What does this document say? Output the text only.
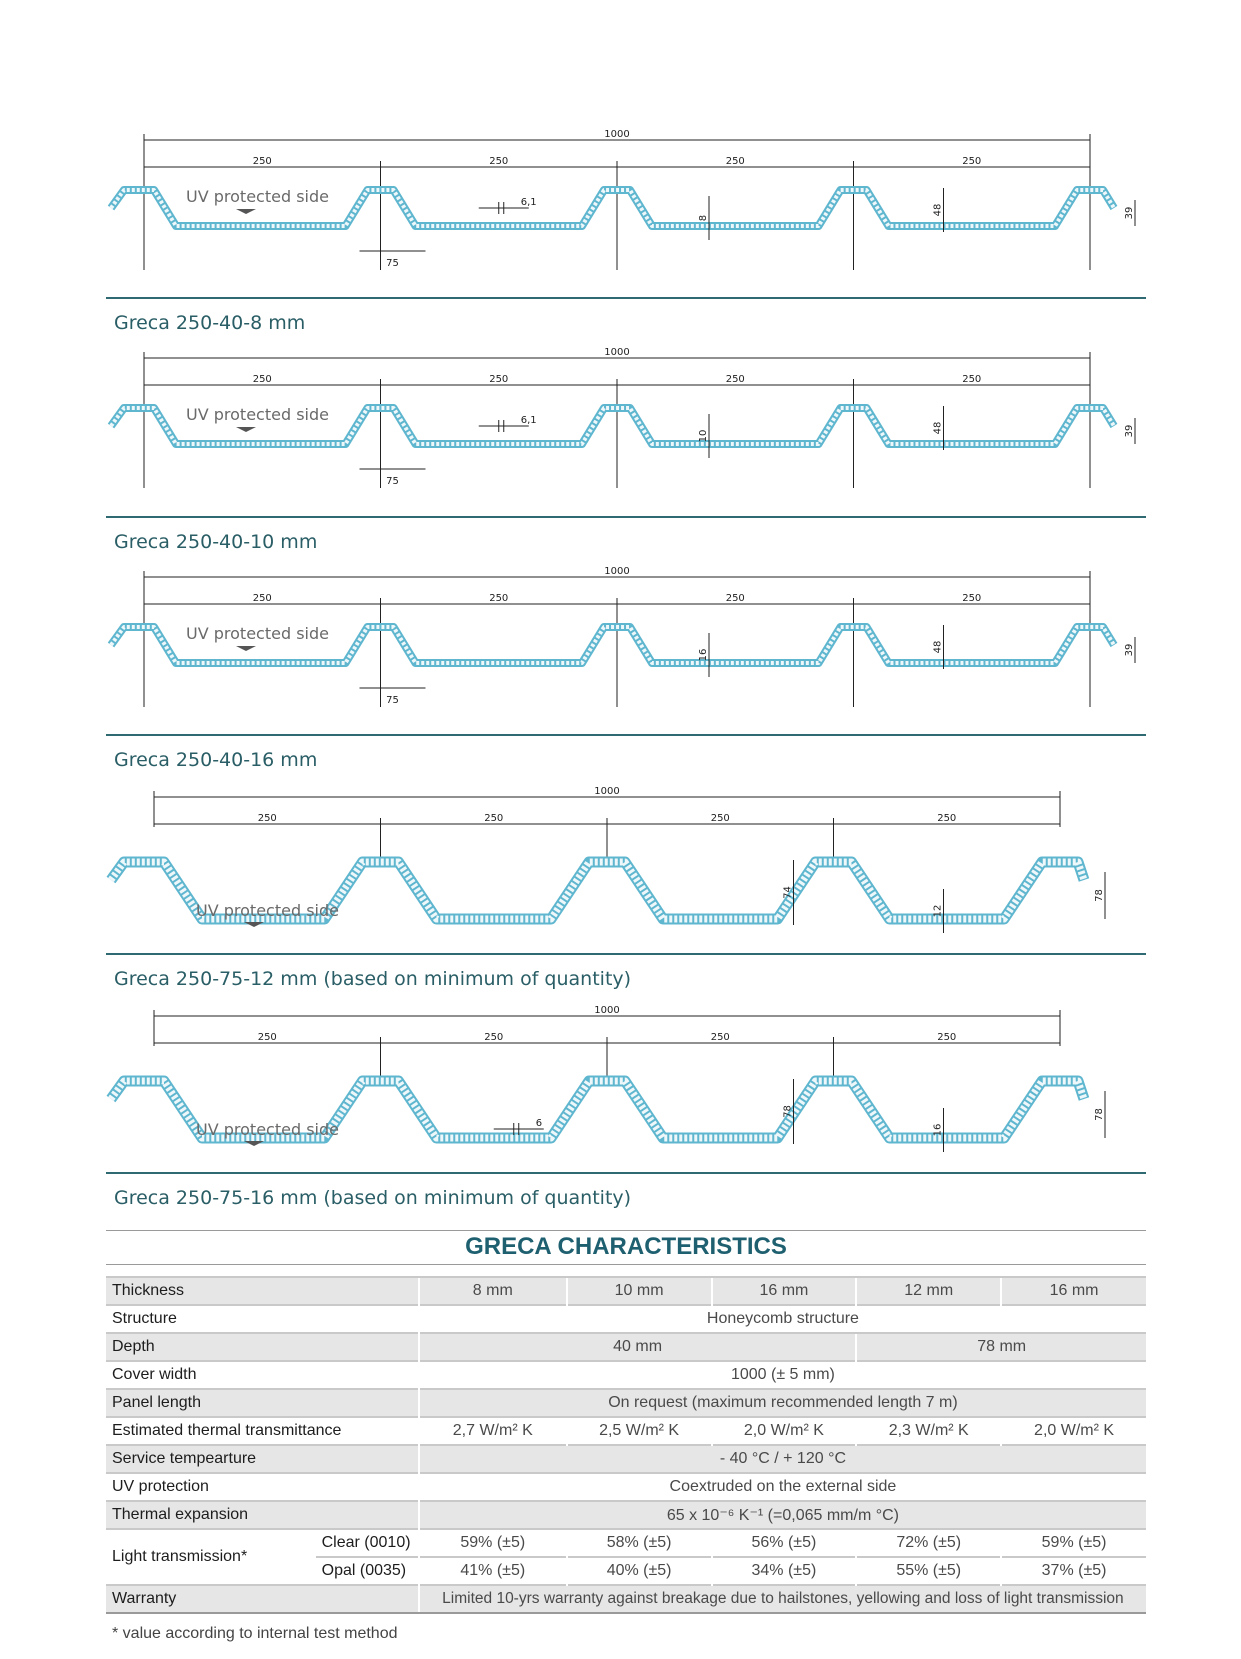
1000
250	250	250	250
UV protected side
8
48	39
75
6,1
1000
250	250	250	250
UV protected side
10
48	39
75
6,1
1000
250	250	250	250
UV protected side
16
48	39
75
1000
250	250	250	250
UV protected side	12
74	78
1000
250	250	250	250
UV protected side	16
78	78
6
GRECA CHARACTERISTICS
Thickness		8 mm	10 mm	16 mm	12 mm	16 mm
Structure		Honeycomb structure				
Depth		40 mm			78 mm	
Cover width		1000 (± 5 mm)				
Panel length		On request (maximum recommended length 7 m)				
Estimated thermal transmittance		2,7 W/m² K	2,5 W/m² K	2,0 W/m² K	2,3 W/m² K	2,0 W/m² K
Service tempearture		- 40 °C / + 120 °C				
UV protection		Coextruded on the external side				
Thermal expansion		65 x 10⁻⁶ K⁻¹ (=0,065 mm/m °C)				
Light transmission*	Clear (0010)	59% (±5)	58% (±5)	56% (±5)	72% (±5)	59% (±5)
	Opal (0035)	41% (±5)	40% (±5)	34% (±5)	55% (±5)	37% (±5)
Warranty		Limited 10-yrs warranty against breakage due to hailstones, yellowing and loss of light transmission				
* value according to internal test method
Greca 250-40-8 mm
Greca 250-40-10 mm
Greca 250-40-16 mm
Greca 250-75-12 mm (based on minimum of quantity)
Greca 250-75-16 mm (based on minimum of quantity)
